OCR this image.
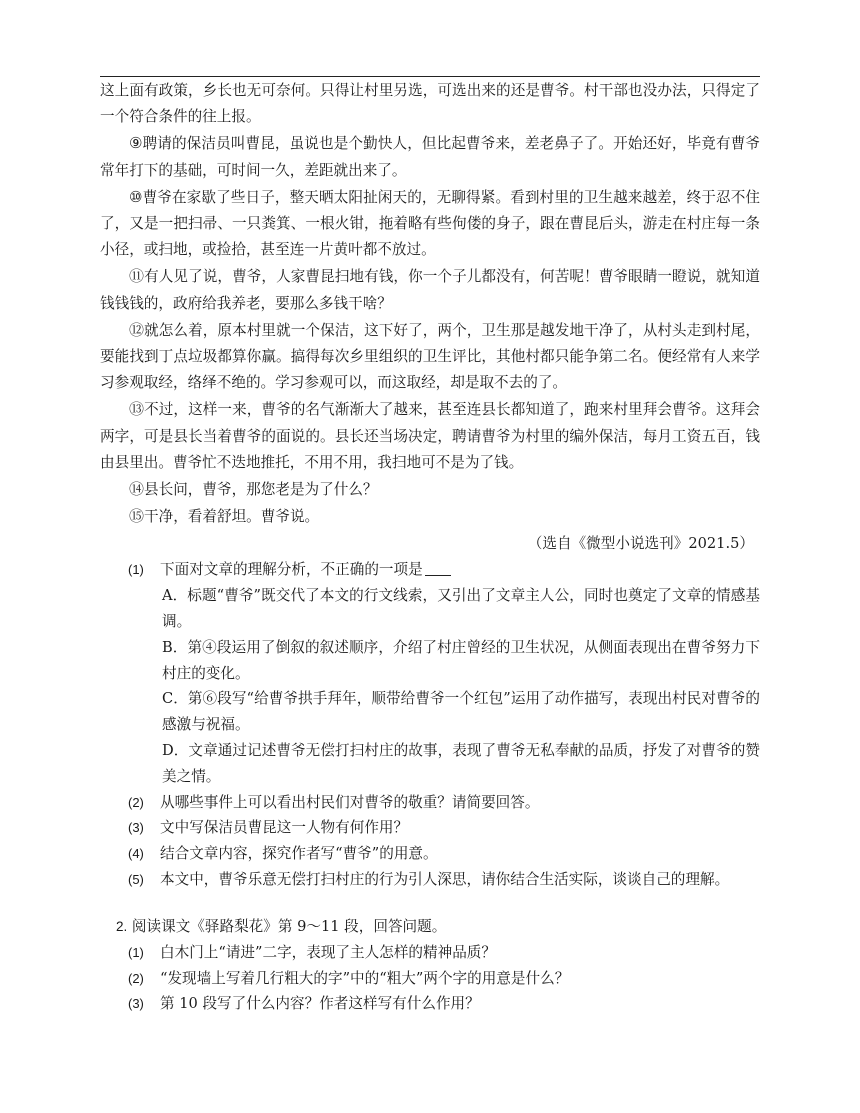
这上面有政策，乡长也无可奈何。只得让村里另选，可选出来的还是曹爷。村干部也没办法，只得定了一个符合条件的往上报。

⑨聘请的保洁员叫曹昆，虽说也是个勤快人，但比起曹爷来，差老鼻子了。开始还好，毕竟有曹爷常年打下的基础，可时间一久，差距就出来了。

⑩曹爷在家歇了些日子，整天晒太阳扯闲天的，无聊得紧。看到村里的卫生越来越差，终于忍不住了，又是一把扫帚、一只粪箕、一根火钳，拖着略有些佝偻的身子，跟在曹昆后头，游走在村庄每一条小径，或扫地，或捡拾，甚至连一片黄叶都不放过。

⑪有人见了说，曹爷，人家曹昆扫地有钱，你一个子儿都没有，何苦呢！曹爷眼睛一瞪说，就知道钱钱钱的，政府给我养老，要那么多钱干啥？

⑫就怎么着，原本村里就一个保洁，这下好了，两个，卫生那是越发地干净了，从村头走到村尾，要能找到丁点垃圾都算你赢。搞得每次乡里组织的卫生评比，其他村都只能争第二名。便经常有人来学习参观取经，络绎不绝的。学习参观可以，而这取经，却是取不去的了。

⑬不过，这样一来，曹爷的名气渐渐大了越来，甚至连县长都知道了，跑来村里拜会曹爷。这拜会两字，可是县长当着曹爷的面说的。县长还当场决定，聘请曹爷为村里的编外保洁，每月工资五百，钱由县里出。曹爷忙不迭地推托，不用不用，我扫地可不是为了钱。

⑭县长问，曹爷，那您老是为了什么？

⑮干净，看着舒坦。曹爷说。

（选自《微型小说选刊》2021.5）

(1)	下面对文章的理解分析，不正确的一项是

A．标题“曹爷”既交代了本文的行文线索，又引出了文章主人公，同时也奠定了文章的情感基调。

B．第④段运用了倒叙的叙述顺序，介绍了村庄曾经的卫生状况，从侧面表现出在曹爷努力下村庄的变化。

C．第⑥段写“给曹爷拱手拜年，顺带给曹爷一个红包”运用了动作描写，表现出村民对曹爷的感激与祝福。

D．文章通过记述曹爷无偿打扫村庄的故事，表现了曹爷无私奉献的品质，抒发了对曹爷的赞美之情。

(2)	从哪些事件上可以看出村民们对曹爷的敬重？请简要回答。
(3)	文中写保洁员曹昆这一人物有何作用？
(4)	结合文章内容，探究作者写“曹爷”的用意。
(5)	本文中，曹爷乐意无偿打扫村庄的行为引人深思，请你结合生活实际，谈谈自己的理解。

2. 阅读课文《驿路梨花》第 9～11 段，回答问题。

(1)	白木门上“请进”二字，表现了主人怎样的精神品质？
(2)	“发现墙上写着几行粗大的字”中的“粗大”两个字的用意是什么？
(3)	第 10 段写了什么内容？作者这样写有什么作用？
